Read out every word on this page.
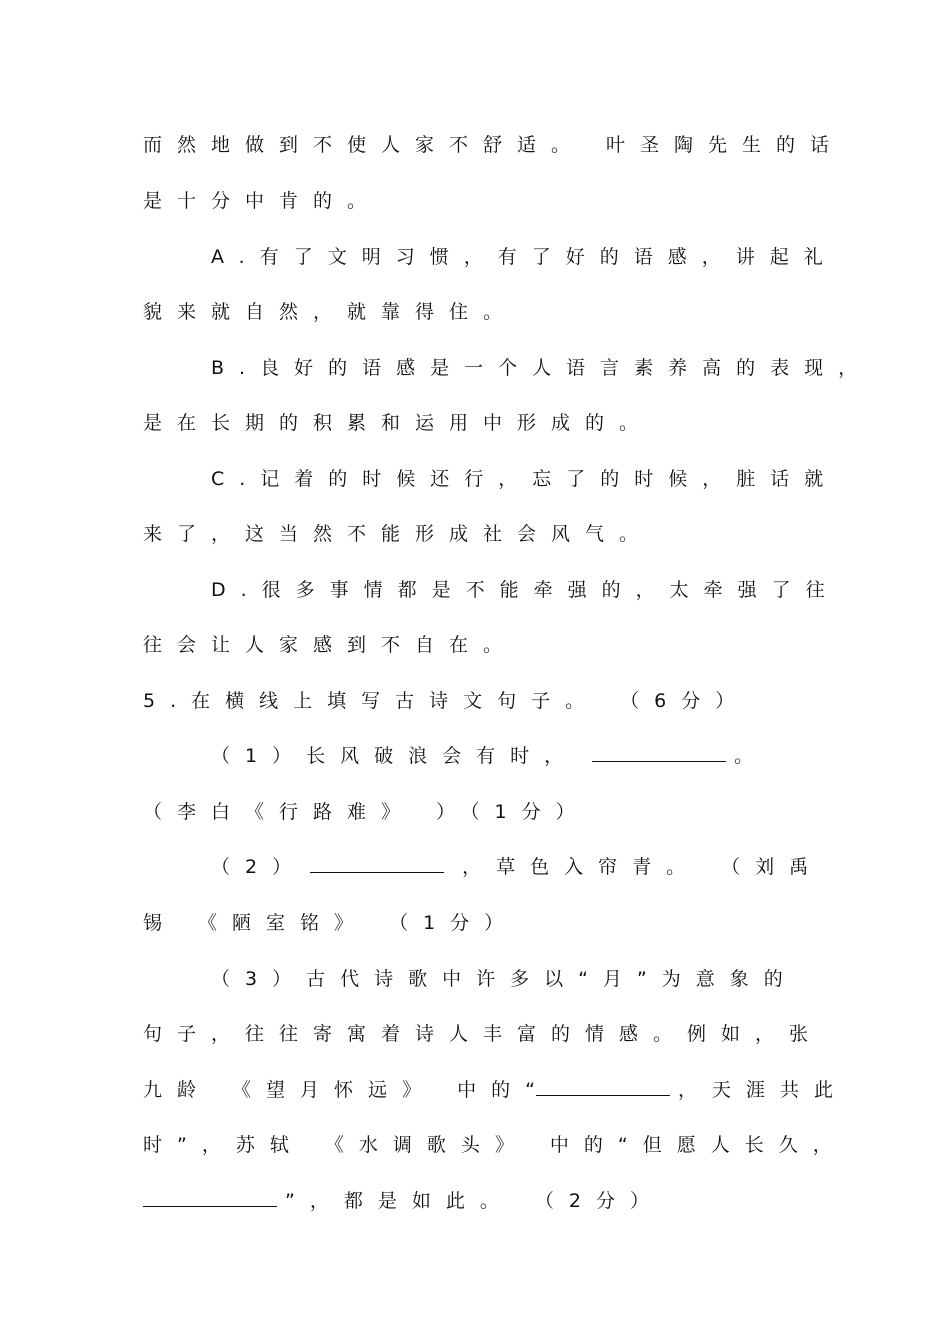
而然地做到不使人家不舒适。 叶圣陶先生的话
是十分中肯的。
A.有了文明习惯，有了好的语感，讲起礼
貌来就自然，就靠得住。
B.良好的语感是一个人语言素养高的表现，
是在长期的积累和运用中形成的。
C.记着的时候还行，忘了的时候，脏话就
来了，这当然不能形成社会风气。
D.很多事情都是不能牵强的，太牵强了往
往会让人家感到不自在。
5.在横线上填写古诗文句子。 （6分）
（1）长风破浪会有时，	。
（李白《行路难》 ）（1分）
（2）	，草色入帘青。 （刘禹
锡 《陋室铭》 （1分）
（3）古代诗歌中许多以“月”为意象的
句子，往往寄寓着诗人丰富的情感。例如，张
九龄 《望月怀远》 中的“	，天涯共此
时”，苏轼 《水调歌头》 中的“但愿人长久，
”，都是如此。 （2分）
